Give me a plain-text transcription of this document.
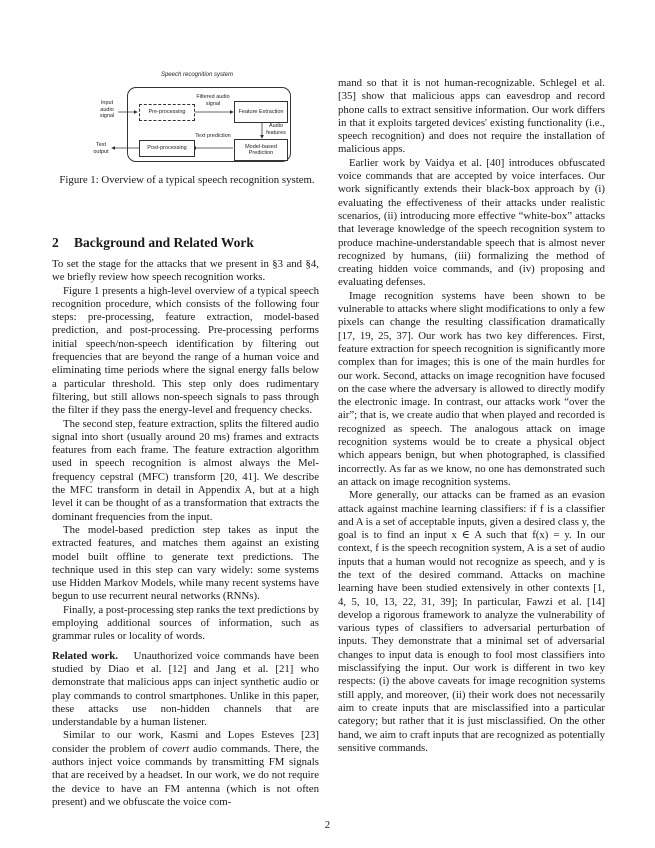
Speech recognition system
Pre-processing	Feature Extraction
Model-based Prediction
Post-processing
Input audio signal
Filtered audio signal
Audio features
Text prediction
Text output
Figure 1: Overview of a typical speech recognition system.
2 Background and Related Work

To set the stage for the attacks that we present in §3 and §4, we briefly review how speech recognition works.

Figure 1 presents a high-level overview of a typical speech recognition procedure, which consists of the following four steps: pre-processing, feature extraction, model-based prediction, and post-processing. Pre-processing performs initial speech/non-speech identification by filtering out frequencies that are beyond the range of a human voice and eliminating time periods where the signal energy falls below a particular threshold. This step only does rudimentary filtering, but still allows non-speech signals to pass through the filter if they pass the energy-level and frequency checks.

The second step, feature extraction, splits the filtered audio signal into short (usually around 20 ms) frames and extracts features from each frame. The feature extraction algorithm used in speech recognition is almost always the Mel-frequency cepstral (MFC) transform [20, 41]. We describe the MFC transform in detail in Appendix A, but at a high level it can be thought of as a transformation that extracts the dominant frequencies from the input.

The model-based prediction step takes as input the extracted features, and matches them against an existing model built offline to generate text predictions. The technique used in this step can vary widely: some systems use Hidden Markov Models, while many recent systems have begun to use recurrent neural networks (RNNs).

Finally, a post-processing step ranks the text predictions by employing additional sources of information, such as grammar rules or locality of words.

Related work. Unauthorized voice commands have been studied by Diao et al. [12] and Jang et al. [21] who demonstrate that malicious apps can inject synthetic audio or play commands to control smartphones. Unlike in this paper, these attacks use non-hidden channels that are understandable by a human listener.

Similar to our work, Kasmi and Lopes Esteves [23] consider the problem of covert audio commands. There, the authors inject voice commands by transmitting FM signals that are received by a headset. In our work, we do not require the device to have an FM antenna (which is not often present) and we obfuscate the voice com-

mand so that it is not human-recognizable. Schlegel et al. [35] show that malicious apps can eavesdrop and record phone calls to extract sensitive information. Our work differs in that it exploits targeted devices' existing functionality (i.e., speech recognition) and does not require the installation of malicious apps.

Earlier work by Vaidya et al. [40] introduces obfuscated voice commands that are accepted by voice interfaces. Our work significantly extends their black-box approach by (i) evaluating the effectiveness of their attacks under realistic scenarios, (ii) introducing more effective “white-box” attacks that leverage knowledge of the speech recognition system to produce machine-understandable speech that is almost never recognized by humans, (iii) formalizing the method of creating hidden voice commands, and (iv) proposing and evaluating defenses.

Image recognition systems have been shown to be vulnerable to attacks where slight modifications to only a few pixels can change the resulting classification dramatically [17, 19, 25, 37]. Our work has two key differences. First, feature extraction for speech recognition is significantly more complex than for images; this is one of the main hurdles for our work. Second, attacks on image recognition have focused on the case where the adversary is allowed to directly modify the electronic image. In contrast, our attacks work “over the air”; that is, we create audio that when played and recorded is recognized as speech. The analogous attack on image recognition systems would be to create a physical object which appears benign, but when photographed, is classified incorrectly. As far as we know, no one has demonstrated such an attack on image recognition systems.

More generally, our attacks can be framed as an evasion attack against machine learning classifiers: if f is a classifier and A is a set of acceptable inputs, given a desired class y, the goal is to find an input x ∈ A such that f(x) = y. In our context, f is the speech recognition system, A is a set of audio inputs that a human would not recognize as speech, and y is the text of the desired command. Attacks on machine learning have been studied extensively in other contexts [1, 4, 5, 10, 13, 22, 31, 39]; In particular, Fawzi et al. [14] develop a rigorous framework to analyze the vulnerability of various types of classifiers to adversarial perturbation of inputs. They demonstrate that a minimal set of adversarial changes to input data is enough to fool most classifiers into misclassifying the input. Our work is different in two key respects: (i) the above caveats for image recognition systems still apply, and moreover, (ii) their work does not necessarily aim to create inputs that are misclassified into a particular category; but rather that it is just misclassified. On the other hand, we aim to craft inputs that are recognized as potentially sensitive commands.

2
